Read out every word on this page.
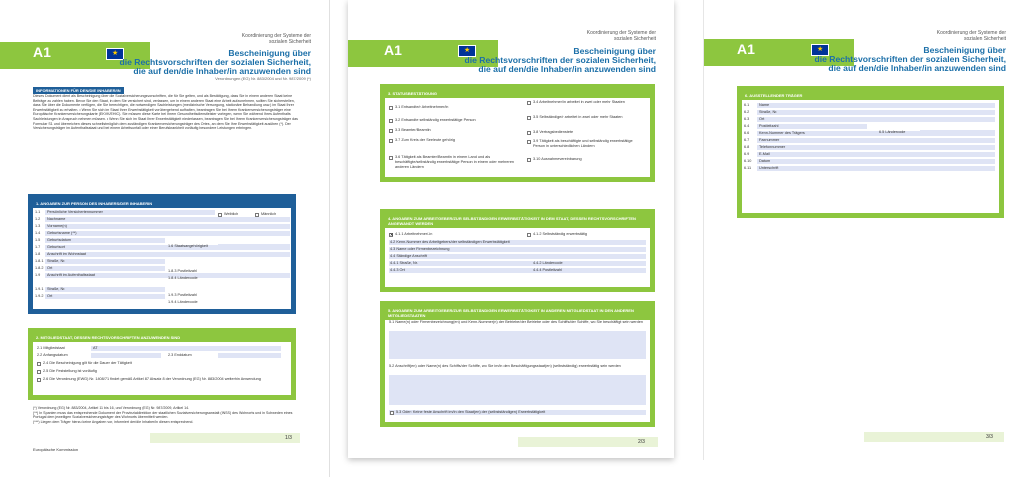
A1
★
Koordinierung der Systeme der sozialen Sicherheit
Bescheinigung über
die Rechtsvorschriften der sozialen Sicherheit,
die auf den/die Inhaber/in anzuwenden sind
Verordnungen (EG) Nr. 883/2004 und Nr. 987/2009 (*)
INFORMATIONEN FÜR DEN/DIE INHABER/IN
Dieses Dokument dient als Bescheinigung über die Sozialversicherungsvorschriften, die für Sie gelten, und als Bestätigung, dass Sie in einem anderen Staat keine Beiträge zu zahlen haben. Bevor Sie den Staat, in dem Sie versichert sind, verlassen, um in einem anderen Staat eine Arbeit aufzunehmen, sollten Sie sicherstellen, dass Sie über die Dokumente verfügen, die Sie berechtigen, die notwendigen Sachleistungen (medizinische Versorgung, stationäre Behandlung usw.) im Staat Ihrer Erwerbstätigkeit zu erhalten. • Wenn Sie sich im Staat Ihrer Erwerbstätigkeit vorübergehend aufhalten, beantragen Sie bei Ihrem Krankenversicherungsträger eine Europäische Krankenversicherungskarte (EKVK/EHIC). Sie müssen diese Karte bei Ihrem Gesundheitsdienstleister vorlegen, wenn Sie während Ihres Aufenthalts Sachleistungen in Anspruch nehmen müssen. • Wenn Sie sich im Staat Ihrer Erwerbstätigkeit niederlassen, beantragen Sie bei Ihrem Krankenversicherungsträger das Formular S1 und überreichen dieses schnellstmöglich dem zuständigen Krankenversicherungsträger des Ortes, an dem Sie Ihre Erwerbstätigkeit ausüben (*). Der Versicherungsträger im Aufenthaltsstaat und bei einem Arbeitsunfall oder einer Berufskrankheit vorläufig besondere Leistungen erbringen.
1. ANGABEN ZUR PERSON DES INHABERS/DER INHABERIN
1.1 Persönliche Versichertennummer
1.2 Nachname
1.3 Vorname(n)
1.4 Geburtsname (**)
1.5 Geburtsdatum
1.7 Geburtsort
1.8 Anschrift im Wohnstaat
1.8.1 Straße, Nr.
1.8.2 Ort
1.9 Anschrift im Aufenthaltsstaat
1.9.1 Straße, Nr.
1.9.2 Ort
Weiblich	Männlich
1.6 Staatsangehörigkeit
1.8.3 Postleitzahl
1.8.4 Ländercode
1.9.3 Postleitzahl
1.9.4 Ländercode
2. MITGLIEDSTAAT, DESSEN RECHTSVORSCHRIFTEN ANZUWENDEN SIND
2.1 Mitgliedstaat	AT
2.2 Anfangsdatum	2.3 Enddatum
2.4 Die Bescheinigung gilt für die Dauer der Tätigkeit
2.5 Die Feststellung ist vorläufig
2.6 Die Verordnung (EWG) Nr. 1408/71 findet gemäß Artikel 87 Absatz 8 der Verordnung (EG) Nr. 883/2004 weiterhin Anwendung
(*) Verordnung (EG) Nr. 883/2004, Artikel 11 bis 16, und Verordnung (EG) Nr. 987/2009, Artikel 14.
(**) In Spanien muss das entsprechende Dokument der Provinzialdirektion der staatlichen Sozialversicherungsanstalt (INSS) des Wohnorts und in Schweden eines Portugal dem jeweiligen Sozialversicherungsträger des Wohnorts übermittelt werden.
(***) Liegen dem Träger hierzu keine Angaben vor, informiert der/die Inhaber/in diesen entsprechend.
1/3
Europäische Kommission
A1
★
Koordinierung der Systeme der sozialen Sicherheit
Bescheinigung über
die Rechtsvorschriften der sozialen Sicherheit,
die auf den/die Inhaber/in anzuwenden sind
3. STATUSBESTÄTIGUNG
3.1 Entsandte/r Arbeitnehmer/in
3.2 Entsandte selbständig erwerbstätige Person
3.3 Beamter/Beamtin
3.7 Zum Kreis der Seeleute gehörig
3.6 Tätigkeit als Beamter/Beamtin in einem Land und als beschäftigte/selbständig erwerbstätige Person in einem oder mehreren anderen Ländern
3.4 Arbeitnehmer/in arbeitet in zwei oder mehr Staaten
3.5 Selbständige/r arbeitet in zwei oder mehr Staaten
3.8 Vertragsbedienstete
3.9 Tätigkeit als beschäftigte und selbständig erwerbstätige Person in unterschiedlichen Ländern
3.10 Ausnahmevereinbarung
4. ANGABEN ZUM ARBEITGEBER/ZUR SELBSTÄNDIGEN ERWERBSTÄTIGKEIT IN DEM STAAT, DESSEN RECHTSVORSCHRIFTEN ANGEWANDT WERDEN
✕
4.1.1 Arbeitnehmer/-in	4.1.2 Selbstständig erwerbstätig
4.2 Kenn-Nummer des Arbeitgebers/der selbständigen Erwerbstätigkeit
4.3 Name oder Firmenbezeichnung
4.4 Ständige Anschrift
4.4.1 Straße, Nr.	4.4.2 Ländercode
4.4.3 Ort	4.4.4 Postleitzahl
5. ANGABEN ZUM ARBEITGEBER/ZUR SELBSTÄNDIGEN ERWERBSTÄTIGKEIT IN ANDEREN MITGLIEDSTAAT IN DEN ANDEREN MITGLIEDSTAATEN
5.1 Name(n) oder Firmenbezeichnung(en) und Kenn-Nummer(n) der Betriebe/der Betriebe oder des Schiffs/der Schiffe, wo Sie beschäftigt sein werden
5.2 Anschrift(en) oder Name(n) des Schiffs/der Schiffe, wo Sie im/in den Beschäftigungsstaat(en) (selbstständig) erwerbstätig sein werden
5.3 Oder: Keine feste Anschrift im/in den Staat(en) der (selbstständigen) Erwerbstätigkeit
2/3
A1
★
Koordinierung der Systeme der sozialen Sicherheit
Bescheinigung über
die Rechtsvorschriften der sozialen Sicherheit,
die auf den/die Inhaber/in anzuwenden sind
6. AUSSTELLENDER TRÄGER
6.1	Name
6.2	Straße, Nr.
6.3	Ort
6.4	Postleitzahl
6.6	Kenn-Nummer des Trägers
6.7	Faxnummer
6.8	Telefonnummer
6.9	E-Mail
6.10 Datum
6.11 Unterschrift
6.5 Ländercode
STEMPEL
3/3
